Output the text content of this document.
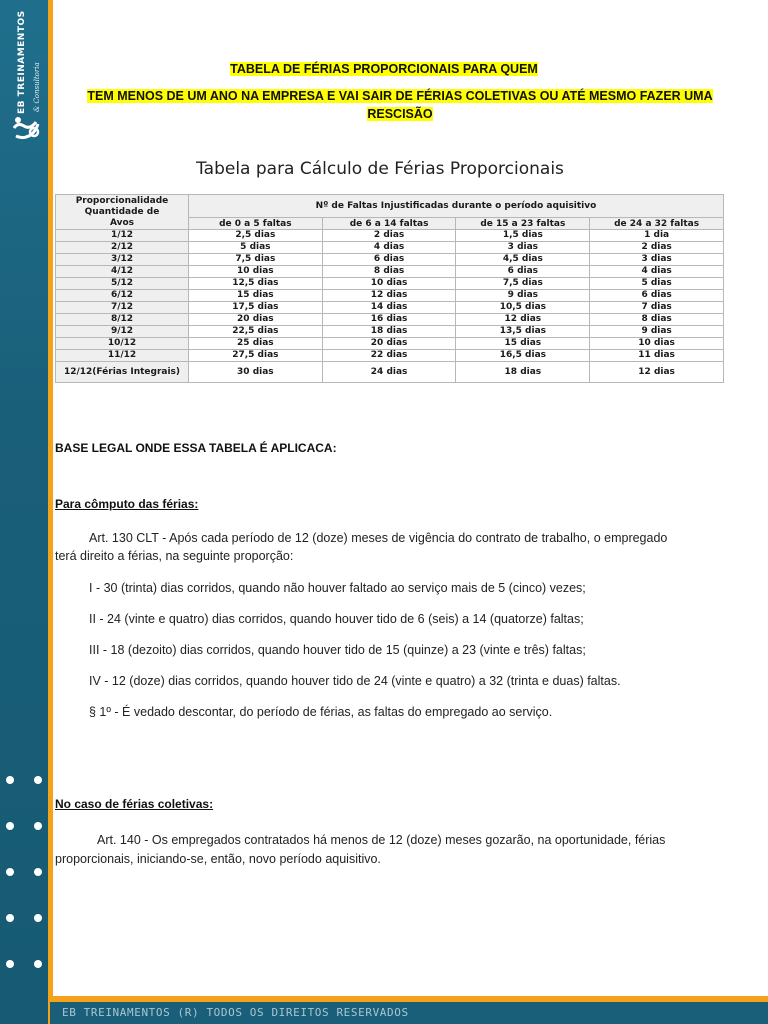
EB TREINAMENTOS & Consultoria	TABELA DE FÉRIAS PROPORCIONAIS PARA QUEM
TEM MENOS DE UM ANO NA EMPRESA E VAI SAIR DE FÉRIAS COLETIVAS OU ATÉ MESMO FAZER UMA RESCISÃO
Tabela para Cálculo de Férias Proporcionais
Proporcionalidade Quantidade de Avos	Nº de Faltas Injustificadas durante o período aquisitivo			
	de 0 a 5 faltas	de 6 a 14 faltas	de 15 a 23 faltas	de 24 a 32 faltas
1/12	2,5 dias	2 dias	1,5 dias	1 dia
2/12	5 dias	4 dias	3 dias	2 dias
3/12	7,5 dias	6 dias	4,5 dias	3 dias
4/12	10 dias	8 dias	6 dias	4 dias
5/12	12,5 dias	10 dias	7,5 dias	5 dias
6/12	15 dias	12 dias	9 dias	6 dias
7/12	17,5 dias	14 dias	10,5 dias	7 dias
8/12	20 dias	16 dias	12 dias	8 dias
9/12	22,5 dias	18 dias	13,5 dias	9 dias
10/12	25 dias	20 dias	15 dias	10 dias
11/12	27,5 dias	22 dias	16,5 dias	11 dias
12/12(Férias Integrais)	30 dias	24 dias	18 dias	12 dias
BASE LEGAL ONDE ESSA TABELA É APLICACA:
Para cômputo das férias:
Art. 130 CLT - Após cada período de 12 (doze) meses de vigência do contrato de trabalho, o empregado
terá direito a férias, na seguinte proporção:
I - 30 (trinta) dias corridos, quando não houver faltado ao serviço mais de 5 (cinco) vezes;
II - 24 (vinte e quatro) dias corridos, quando houver tido de 6 (seis) a 14 (quatorze) faltas;
III - 18 (dezoito) dias corridos, quando houver tido de 15 (quinze) a 23 (vinte e três) faltas;
IV - 12 (doze) dias corridos, quando houver tido de 24 (vinte e quatro) a 32 (trinta e duas) faltas.
§ 1º - É vedado descontar, do período de férias, as faltas do empregado ao serviço.
No caso de férias coletivas:
Art. 140 - Os empregados contratados há menos de 12 (doze) meses gozarão, na oportunidade, férias
proporcionais, iniciando-se, então, novo período aquisitivo.
EB TREINAMENTOS (R) TODOS OS DIREITOS RESERVADOS
